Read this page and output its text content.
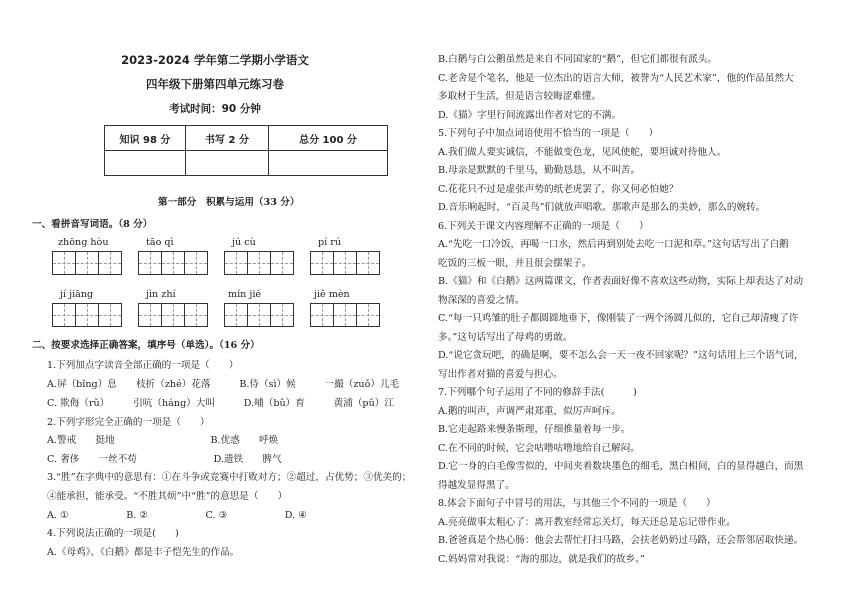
2023-2024 学年第二学期小学语文
四年级下册第四单元练习卷
考试时间：90 分钟
知识 98 分	书写 2 分	总分 100 分

第一部分　积累与运用（33 分）
一、看拼音写词语。（8 分）
zhōng hòu	tāo qì	jú cù	pí rú
jí jiāng	jìn zhí	mín jié	jiě mèn
二、按要求选择正确答案，填序号（单选）。（16 分）
1.下列加点字读音全部正确的一项是（　　）
A.屏（bǐng）息　　枝折（zhé）花落　　　B.侍（sì）候　　　一撮（zuǒ）儿毛
C. 欺侮（rǔ）　　　引吭（háng）大叫　　　D.哺（bǔ）育　　　黄浦（pǔ）江
2.下列字形完全正确的一项是（　　）
A.警戒　　挺地　　　　　　　　　　B.优惑　　呼焕
C. 奢侈　　一丝不苟　　　　　　　　D.遗铁　　脾气
3.“胜”在字典中的意思有：①在斗争或竞赛中打败对方；②超过，占优势；③优美的；
④能承担，能承受。“不胜其烦”中“胜”的意思是（　　）
A. ①　　　　　　B. ②　　　　　　C. ③　　　　　　D. ④
4.下列说法正确的一项是(　　)
A.《母鸡》、《白鹅》都是丰子恺先生的作品。
B.白鹅与白公鹅虽然是来自不同国家的“鹅”，但它们都很有派头。
C.老舍是个笔名，他是一位杰出的语言大师，被誉为“人民艺术家”，他的作品虽然大
多取材于生活，但是语言较晦涩难懂。
D.《猫》字里行间流露出作者对它的不满。
5.下列句子中加点词语使用不恰当的一项是（　　）
A.我们做人要实诚信，不能做变色龙，见风使舵，要坦诚对待他人。
B.母亲是默默的千里马，勤勤恳恳，从不叫苦。
C.花花只不过是虚张声势的纸老虎罢了，你又何必怕她？
D.音乐响起时，“百灵鸟”们就放声唱歌。那歌声是那么的美妙，那么的婉转。
6.下列关于课文内容理解不正确的一项是（　　）
A.“先吃一口冷饭，再喝一口水，然后再到别处去吃一口泥和草。”这句话写出了白鹅
吃饭的三板一眼，并且很会摆架子。
B.《猫》和《白鹅》这两篇课文，作者表面好像不喜欢这些动物，实际上却表达了对动
物深深的喜爱之情。
C.“每一只鸡雏的肚子都圆圆地垂下，像刚装了一两个汤圆儿似的，它自己却清瘦了许
多。”这句话写出了母鸡的勇敢。
D.“说它贪玩吧，的确是啊，要不怎么会一天一夜不回家呢？”这句话用上三个语气词，
写出作者对猫的喜爱与担心。
7.下列哪个句子运用了不同的修辞手法(　　　)
A.鹅的叫声，声调严肃郑重，似厉声呵斥。
B.它走起路来慢条斯理，仔细推量着每一步。
C.在不同的时候，它会咕噜咕噜地给自己解闷。
D.它一身的白毛像雪似的，中间夹着数块墨色的细毛，黑白相间，白的显得越白，而黑
得越发显得黑了。
8.体会下面句子中冒号的用法，与其他三个不同的一项是（　　）
A.亮亮做事太粗心了：离开教室经常忘关灯，每天还总是忘记带作业。
B.爸爸真是个热心肠：他会去帮忙打扫马路，会扶老奶奶过马路，还会帮邻居取快递。
C.妈妈常对我说：“海的那边，就是我们的故乡。”
